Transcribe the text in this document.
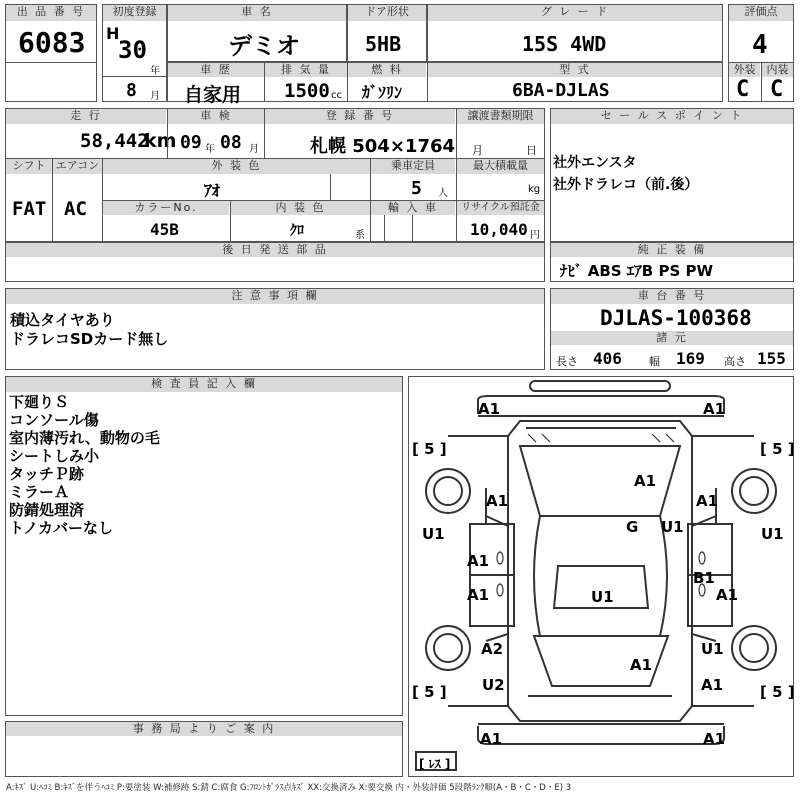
出 品 番 号
6083
初度登録
H
30
年
8 月
車 名
デミオ
ドア形状
5HB
グ レ ー ド
15S 4WD
評価点
4
外装	内装
C C
車 歴
自家用
排 気 量
1500 cc
燃 料
ｶﾞｿﾘﾝ
型 式
6BA-DJLAS
走 行
58,442
km
車 検
09 年 08 月
登 録 番 号
札幌 504×1764
譲渡書類期限
月	日
シフト エアコン
FAT AC
外 装 色
ｱｵ
乗車定員
5 人
最大積載量
kg
カラーNo.
45B
内 装 色
ｸﾛ	系
輸 入 車	リサイクル預託金
10,040 円
後 日 発 送 部 品
セ ー ル ス ポ イ ン ト
社外エンスタ
社外ドラレコ（前.後）
純 正 装 備
ﾅﾋﾞ ABS ｴｱB PS PW
注 意 事 項 欄
積込タイヤあり
ドラレコSDカード無し
車 台 番 号
DJLAS-100368
諸 元
長さ 406 幅 169 高さ 155
検 査 員 記 入 欄
下廻りＳ
コンソール傷
室内薄汚れ、動物の毛
シートしみ小
タッチＰ跡
ミラーＡ
防錆処理済
トノカバーなし
事 務 局 よ り ご 案 内
A1	A1
[ 5 ]	[ 5 ]
A1
A1	A1
G U1
U1	U1
A1
B1
A1	A1
U1
A2	U1
A1
U2	A1
[ 5 ]	[ 5 ]
A1	A1
[ ﾚｽ ]
A:ｷｽﾞ U:ﾍｺﾐ B:ｷｽﾞを伴うﾍｺﾐ P:要塗装 W:補修跡 S:錆 C:腐食 G:ﾌﾛﾝﾄｶﾞﾗｽ点ｷｽﾞ XX:交換済み X:要交換 内・外装評価 5段階ﾗﾝｸ順(A・B・C・D・E) 3
